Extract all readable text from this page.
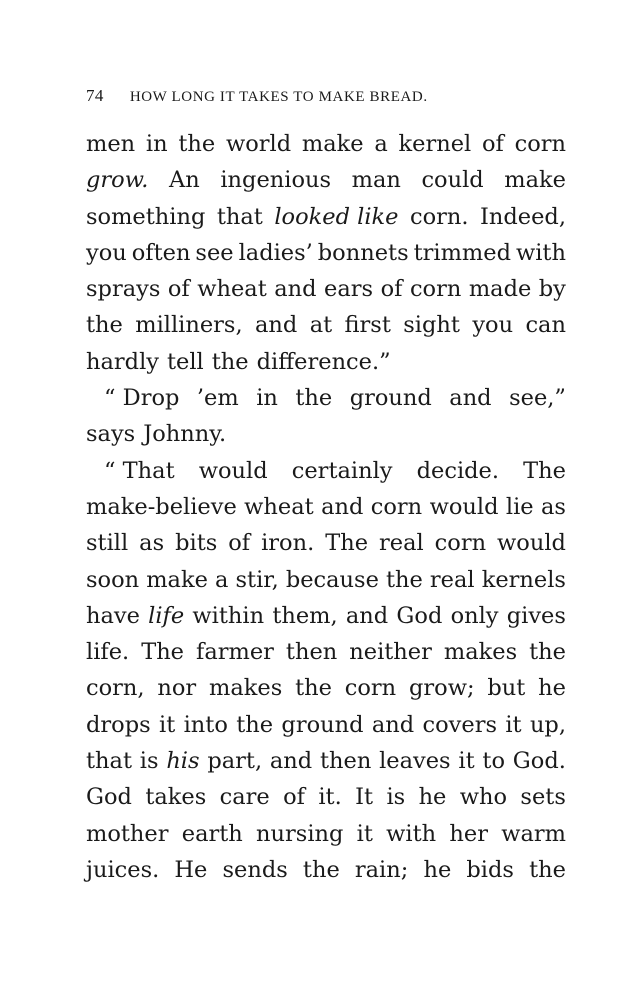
74 HOW LONG IT TAKES TO MAKE BREAD.
men in the world make a kernel of corn
grow. An ingenious man could make
something that looked like corn. Indeed,
you often see ladies’ bonnets trimmed with
sprays of wheat and ears of corn made by
the milliners, and at first sight you can
hardly tell the difference.”
“ Drop ’em in the ground and see,”
says Johnny.
“ That would certainly decide. The
make-believe wheat and corn would lie as
still as bits of iron. The real corn would
soon make a stir, because the real kernels
have life within them, and God only gives
life. The farmer then neither makes the
corn, nor makes the corn grow; but he
drops it into the ground and covers it up,
that is his part, and then leaves it to God.
God takes care of it. It is he who sets
mother earth nursing it with her warm
juices. He sends the rain; he bids the
